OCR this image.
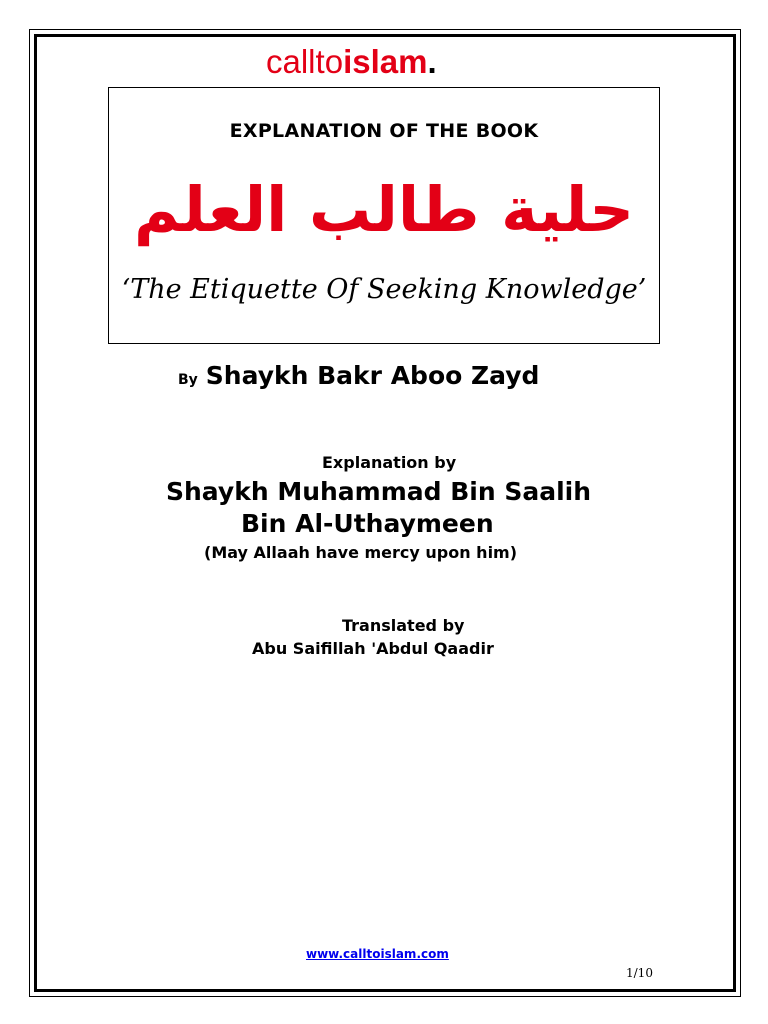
calltoislam.
EXPLANATION OF THE BOOK
حلية طالب العلم
‘The Etiquette Of Seeking Knowledge’
By Shaykh Bakr Aboo Zayd
Explanation by
Shaykh Muhammad Bin Saalih
Bin Al-Uthaymeen
(May Allaah have mercy upon him)
Translated by
Abu Saifillah 'Abdul Qaadir
www.calltoislam.com
1/10
